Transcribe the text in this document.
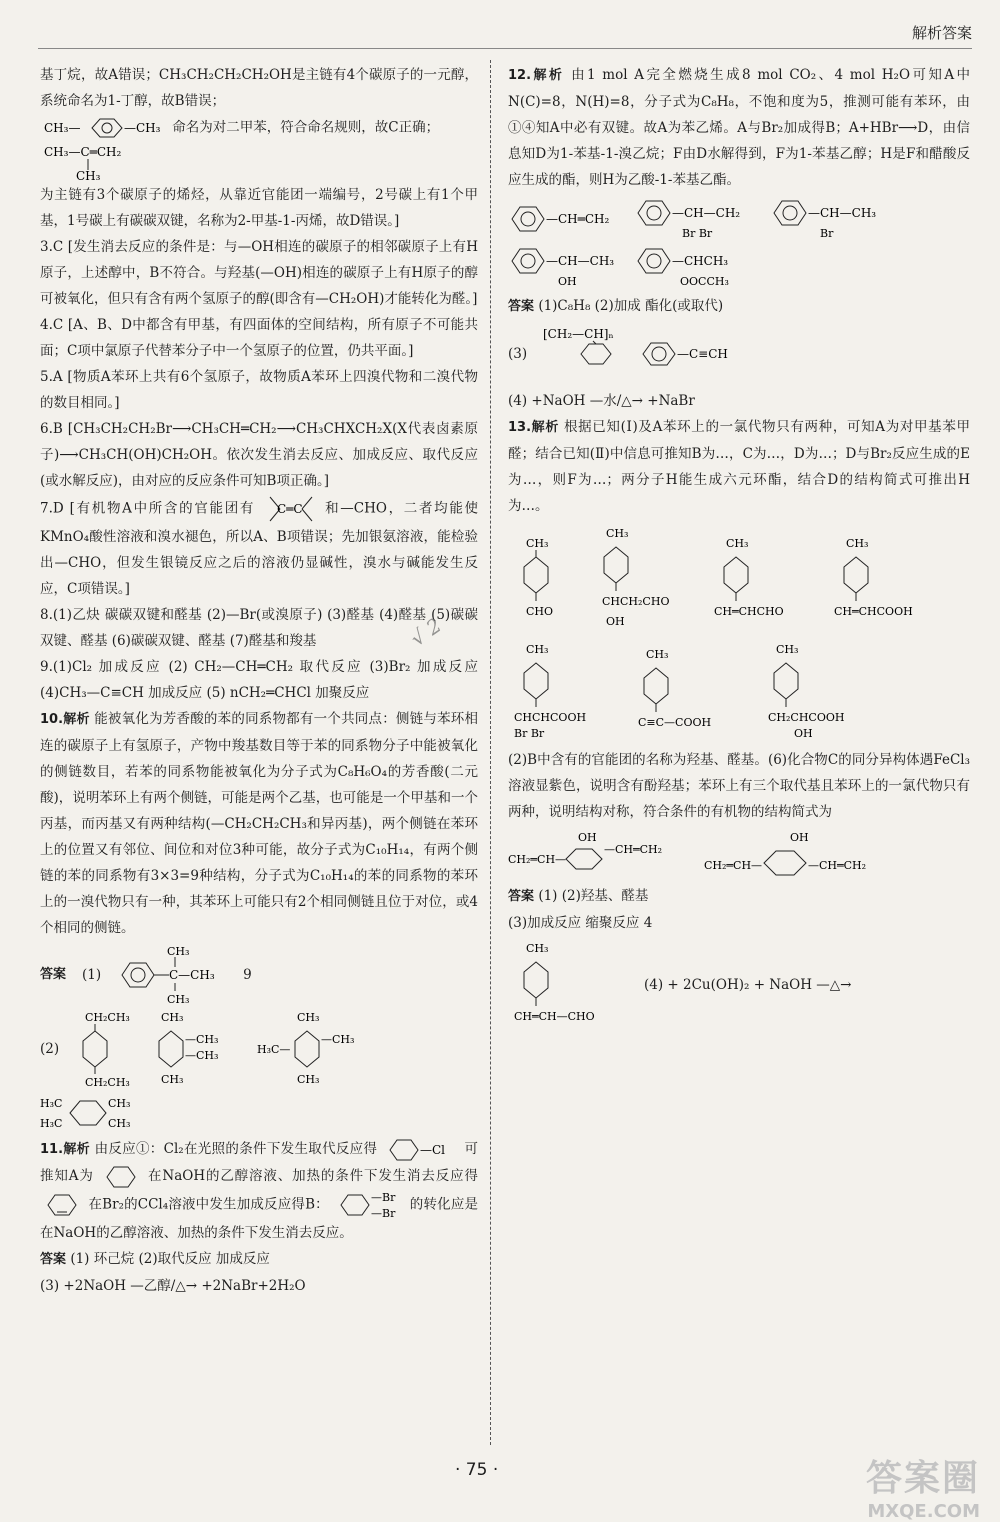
解析答案

基丁烷，故A错误；CH₃CH₂CH₂CH₂OH是主链有4个碳原子的一元醇，系统命名为1-丁醇，故B错误；

CH₃—	—CH₃ 命名为对二甲苯，符合命名规则，故C正确；
CH₃—C═CH₂
CH₃

为主链有3个碳原子的烯烃，从靠近官能团一端编号，2号碳上有1个甲基，1号碳上有碳碳双键，名称为2-甲基-1-丙烯，故D错误。]

3.C [发生消去反应的条件是：与—OH相连的碳原子的相邻碳原子上有H原子，上述醇中，B不符合。与羟基(—OH)相连的碳原子上有H原子的醇可被氧化，但只有含有两个氢原子的醇(即含有—CH₂OH)才能转化为醛。]

4.C [A、B、D中都含有甲基，有四面体的空间结构，所有原子不可能共面；C项中氯原子代替苯分子中一个氢原子的位置，仍共平面。]

5.A [物质A苯环上共有6个氢原子，故物质A苯环上四溴代物和二溴代物的数目相同。]

6.B [CH₃CH₂CH₂Br⟶CH₃CH═CH₂⟶CH₃CHXCH₂X(X代表卤素原子)⟶CH₃CH(OH)CH₂OH。依次发生消去反应、加成反应、取代反应(或水解反应)，由对应的反应条件可知B项正确。]

7.D [有机物A中所含的官能团有 C═C 和—CHO，二者均能使KMnO₄酸性溶液和溴水褪色，所以A、B项错误；先加银氨溶液，能检验出—CHO，但发生银镜反应之后的溶液仍显碱性，溴水与碱能发生反应，C项错误。]

8.(1)乙炔 碳碳双键和醛基 (2)—Br(或溴原子) (3)醛基 (4)醛基 (5)碳碳双键、醛基 (6)碳碳双键、醛基 (7)醛基和羧基

9.(1)Cl₂ 加成反应 (2) CH₂—CH═CH₂ 取代反应 (3)Br₂ 加成反应 (4)CH₃—C≡CH 加成反应 (5) nCH₂═CHCl 加聚反应

10.解析 能被氧化为芳香酸的苯的同系物都有一个共同点：侧链与苯环相连的碳原子上有氢原子，产物中羧基数目等于苯的同系物分子中能被氧化的侧链数目，若苯的同系物能被氧化为分子式为C₈H₆O₄的芳香酸(二元酸)，说明苯环上有两个侧链，可能是两个乙基，也可能是一个甲基和一个丙基，而丙基又有两种结构(—CH₂CH₂CH₃和异丙基)，两个侧链在苯环上的位置又有邻位、间位和对位3种可能，故分子式为C₁₀H₁₄，有两个侧链的苯的同系物有3×3=9种结构，分子式为C₁₀H₁₄的苯的同系物的苯环上的一溴代物只有一种，其苯环上可能只有2个相同侧链且位于对位，或4个相同的侧链。

答案 (1)	C—CH₃
CH₃
CH₃
9
(2)
CH₂CH₃
CH₂CH₃
CH₃
—CH₃
—CH₃
CH₃
CH₃
H₃C—
—CH₃
CH₃
H₃C
H₃C
CH₃
CH₃

11.解析 由反应①：Cl₂在光照的条件下发生取代反应得	—Cl 可推知A为	在NaOH的乙醇溶液、加热的条件下发生消去反应得  在Br₂的CCl₄溶液中发生加成反应得B：	—Br
—Br
的转化应是在NaOH的乙醇溶液、加热的条件下发生消去反应。

答案 (1) 环己烷 (2)取代反应 加成反应

(3) +2NaOH —乙醇/△→ +2NaBr+2H₂O

12.解析 由1 mol A完全燃烧生成8 mol CO₂、4 mol H₂O可知A中N(C)=8，N(H)=8，分子式为C₈H₈，不饱和度为5，推测可能有苯环，由①④知A中必有双键。故A为苯乙烯。A与Br₂加成得B；A+HBr⟶D，由信息知D为1-苯基-1-溴乙烷；F由D水解得到，F为1-苯基乙醇；H是F和醋酸反应生成的酯，则H为乙酸-1-苯基乙酯。

—CH═CH₂	—CH—CH₂
Br Br
—CH—CH₃
Br
—CH—CH₃
OH
—CHCH₃
OOCCH₃

答案 (1)C₈H₈ (2)加成 酯化(或取代)

(3)
[CH₂—CH]ₙ
—C≡CH

(4) +NaOH —水/△→ +NaBr

13.解析 根据已知(Ⅰ)及A苯环上的一氯代物只有两种，可知A为对甲基苯甲醛；结合已知(Ⅱ)中信息可推知B为…，C为…，D为…；D与Br₂反应生成的E为…，则F为…；两分子H能生成六元环酯，结合D的结构简式可推出H为…。

CH₃
CHO
CH₃
CHCH₂CHO
OH
CH₃
CH═CHCHO
CH₃
CH═CHCOOH
CH₃
CHCHCOOH
Br Br
CH₃
C≡C—COOH
CH₃
CH₂CHCOOH
OH

(2)B中含有的官能团的名称为羟基、醛基。(6)化合物C的同分异构体遇FeCl₃溶液显紫色，说明含有酚羟基；苯环上有三个取代基且苯环上的一氯代物只有两种，说明结构对称，符合条件的有机物的结构简式为

CH₂═CH—
OH
—CH═CH₂
OH
CH₂═CH—	—CH═CH₂

答案 (1) (2)羟基、醛基

(3)加成反应 缩聚反应 4

CH₃
CH═CH—CHO
(4) + 2Cu(OH)₂ + NaOH —△→
√ 2
· 75 ·	答案圈
MXQE.COM
